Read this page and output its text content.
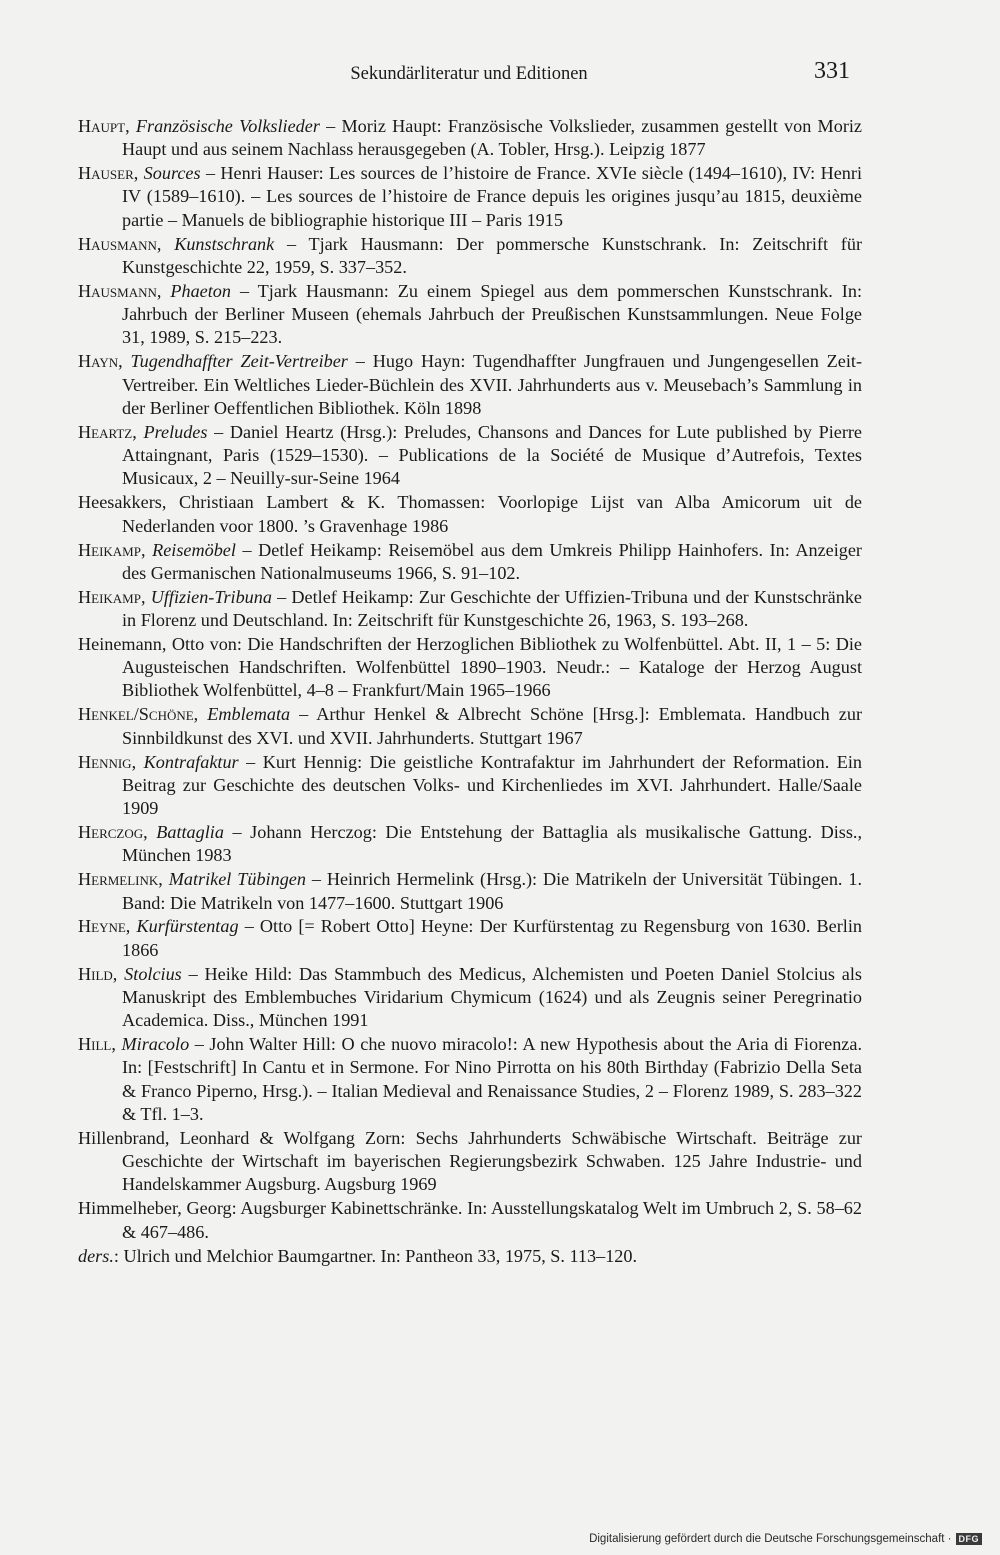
Sekundärliteratur und Editionen	331
Haupt, Französische Volkslieder – Moriz Haupt: Französische Volkslieder, zusammen gestellt von Moriz Haupt und aus seinem Nachlass herausgegeben (A. Tobler, Hrsg.). Leipzig 1877
Hauser, Sources – Henri Hauser: Les sources de l’histoire de France. XVIe siècle (1494–1610), IV: Henri IV (1589–1610). – Les sources de l’histoire de France depuis les origines jusqu’au 1815, deuxième partie – Manuels de bibliographie historique III – Paris 1915
Hausmann, Kunstschrank – Tjark Hausmann: Der pommersche Kunstschrank. In: Zeitschrift für Kunstgeschichte 22, 1959, S. 337–352.
Hausmann, Phaeton – Tjark Hausmann: Zu einem Spiegel aus dem pommerschen Kunstschrank. In: Jahrbuch der Berliner Museen (ehemals Jahrbuch der Preußischen Kunstsammlungen. Neue Folge 31, 1989, S. 215–223.
Hayn, Tugendhaffter Zeit-Vertreiber – Hugo Hayn: Tugendhaffter Jungfrauen und Jungengesellen Zeit-Vertreiber. Ein Weltliches Lieder-Büchlein des XVII. Jahrhunderts aus v. Meusebach’s Sammlung in der Berliner Oeffentlichen Bibliothek. Köln 1898
Heartz, Preludes – Daniel Heartz (Hrsg.): Preludes, Chansons and Dances for Lute published by Pierre Attaingnant, Paris (1529–1530). – Publications de la Société de Musique d’Autrefois, Textes Musicaux, 2 – Neuilly-sur-Seine 1964
Heesakkers, Christiaan Lambert & K. Thomassen: Voorlopige Lijst van Alba Amicorum uit de Nederlanden voor 1800. ’s Gravenhage 1986
Heikamp, Reisemöbel – Detlef Heikamp: Reisemöbel aus dem Umkreis Philipp Hainhofers. In: Anzeiger des Germanischen Nationalmuseums 1966, S. 91–102.
Heikamp, Uffizien-Tribuna – Detlef Heikamp: Zur Geschichte der Uffizien-Tribuna und der Kunstschränke in Florenz und Deutschland. In: Zeitschrift für Kunstgeschichte 26, 1963, S. 193–268.
Heinemann, Otto von: Die Handschriften der Herzoglichen Bibliothek zu Wolfenbüttel. Abt. II, 1 – 5: Die Augusteischen Handschriften. Wolfenbüttel 1890–1903. Neudr.: – Kataloge der Herzog August Bibliothek Wolfenbüttel, 4–8 – Frankfurt/Main 1965–1966
Henkel/Schöne, Emblemata – Arthur Henkel & Albrecht Schöne [Hrsg.]: Emblemata. Handbuch zur Sinnbildkunst des XVI. und XVII. Jahrhunderts. Stuttgart 1967
Hennig, Kontrafaktur – Kurt Hennig: Die geistliche Kontrafaktur im Jahrhundert der Reformation. Ein Beitrag zur Geschichte des deutschen Volks- und Kirchenliedes im XVI. Jahrhundert. Halle/Saale 1909
Herczog, Battaglia – Johann Herczog: Die Entstehung der Battaglia als musikalische Gattung. Diss., München 1983
Hermelink, Matrikel Tübingen – Heinrich Hermelink (Hrsg.): Die Matrikeln der Universität Tübingen. 1. Band: Die Matrikeln von 1477–1600. Stuttgart 1906
Heyne, Kurfürstentag – Otto [= Robert Otto] Heyne: Der Kurfürstentag zu Regensburg von 1630. Berlin 1866
Hild, Stolcius – Heike Hild: Das Stammbuch des Medicus, Alchemisten und Poeten Daniel Stolcius als Manuskript des Emblembuches Viridarium Chymicum (1624) und als Zeugnis seiner Peregrinatio Academica. Diss., München 1991
Hill, Miracolo – John Walter Hill: O che nuovo miracolo!: A new Hypothesis about the Aria di Fiorenza. In: [Festschrift] In Cantu et in Sermone. For Nino Pirrotta on his 80th Birthday (Fabrizio Della Seta & Franco Piperno, Hrsg.). – Italian Medieval and Renaissance Studies, 2 – Florenz 1989, S. 283–322 & Tfl. 1–3.
Hillenbrand, Leonhard & Wolfgang Zorn: Sechs Jahrhunderts Schwäbische Wirtschaft. Beiträge zur Geschichte der Wirtschaft im bayerischen Regierungsbezirk Schwaben. 125 Jahre Industrie- und Handelskammer Augsburg. Augsburg 1969
Himmelheber, Georg: Augsburger Kabinettschränke. In: Ausstellungskatalog Welt im Umbruch 2, S. 58–62 & 467–486.
ders.: Ulrich und Melchior Baumgartner. In: Pantheon 33, 1975, S. 113–120.
Digitalisierung gefördert durch die Deutsche Forschungsgemeinschaft · DFG
